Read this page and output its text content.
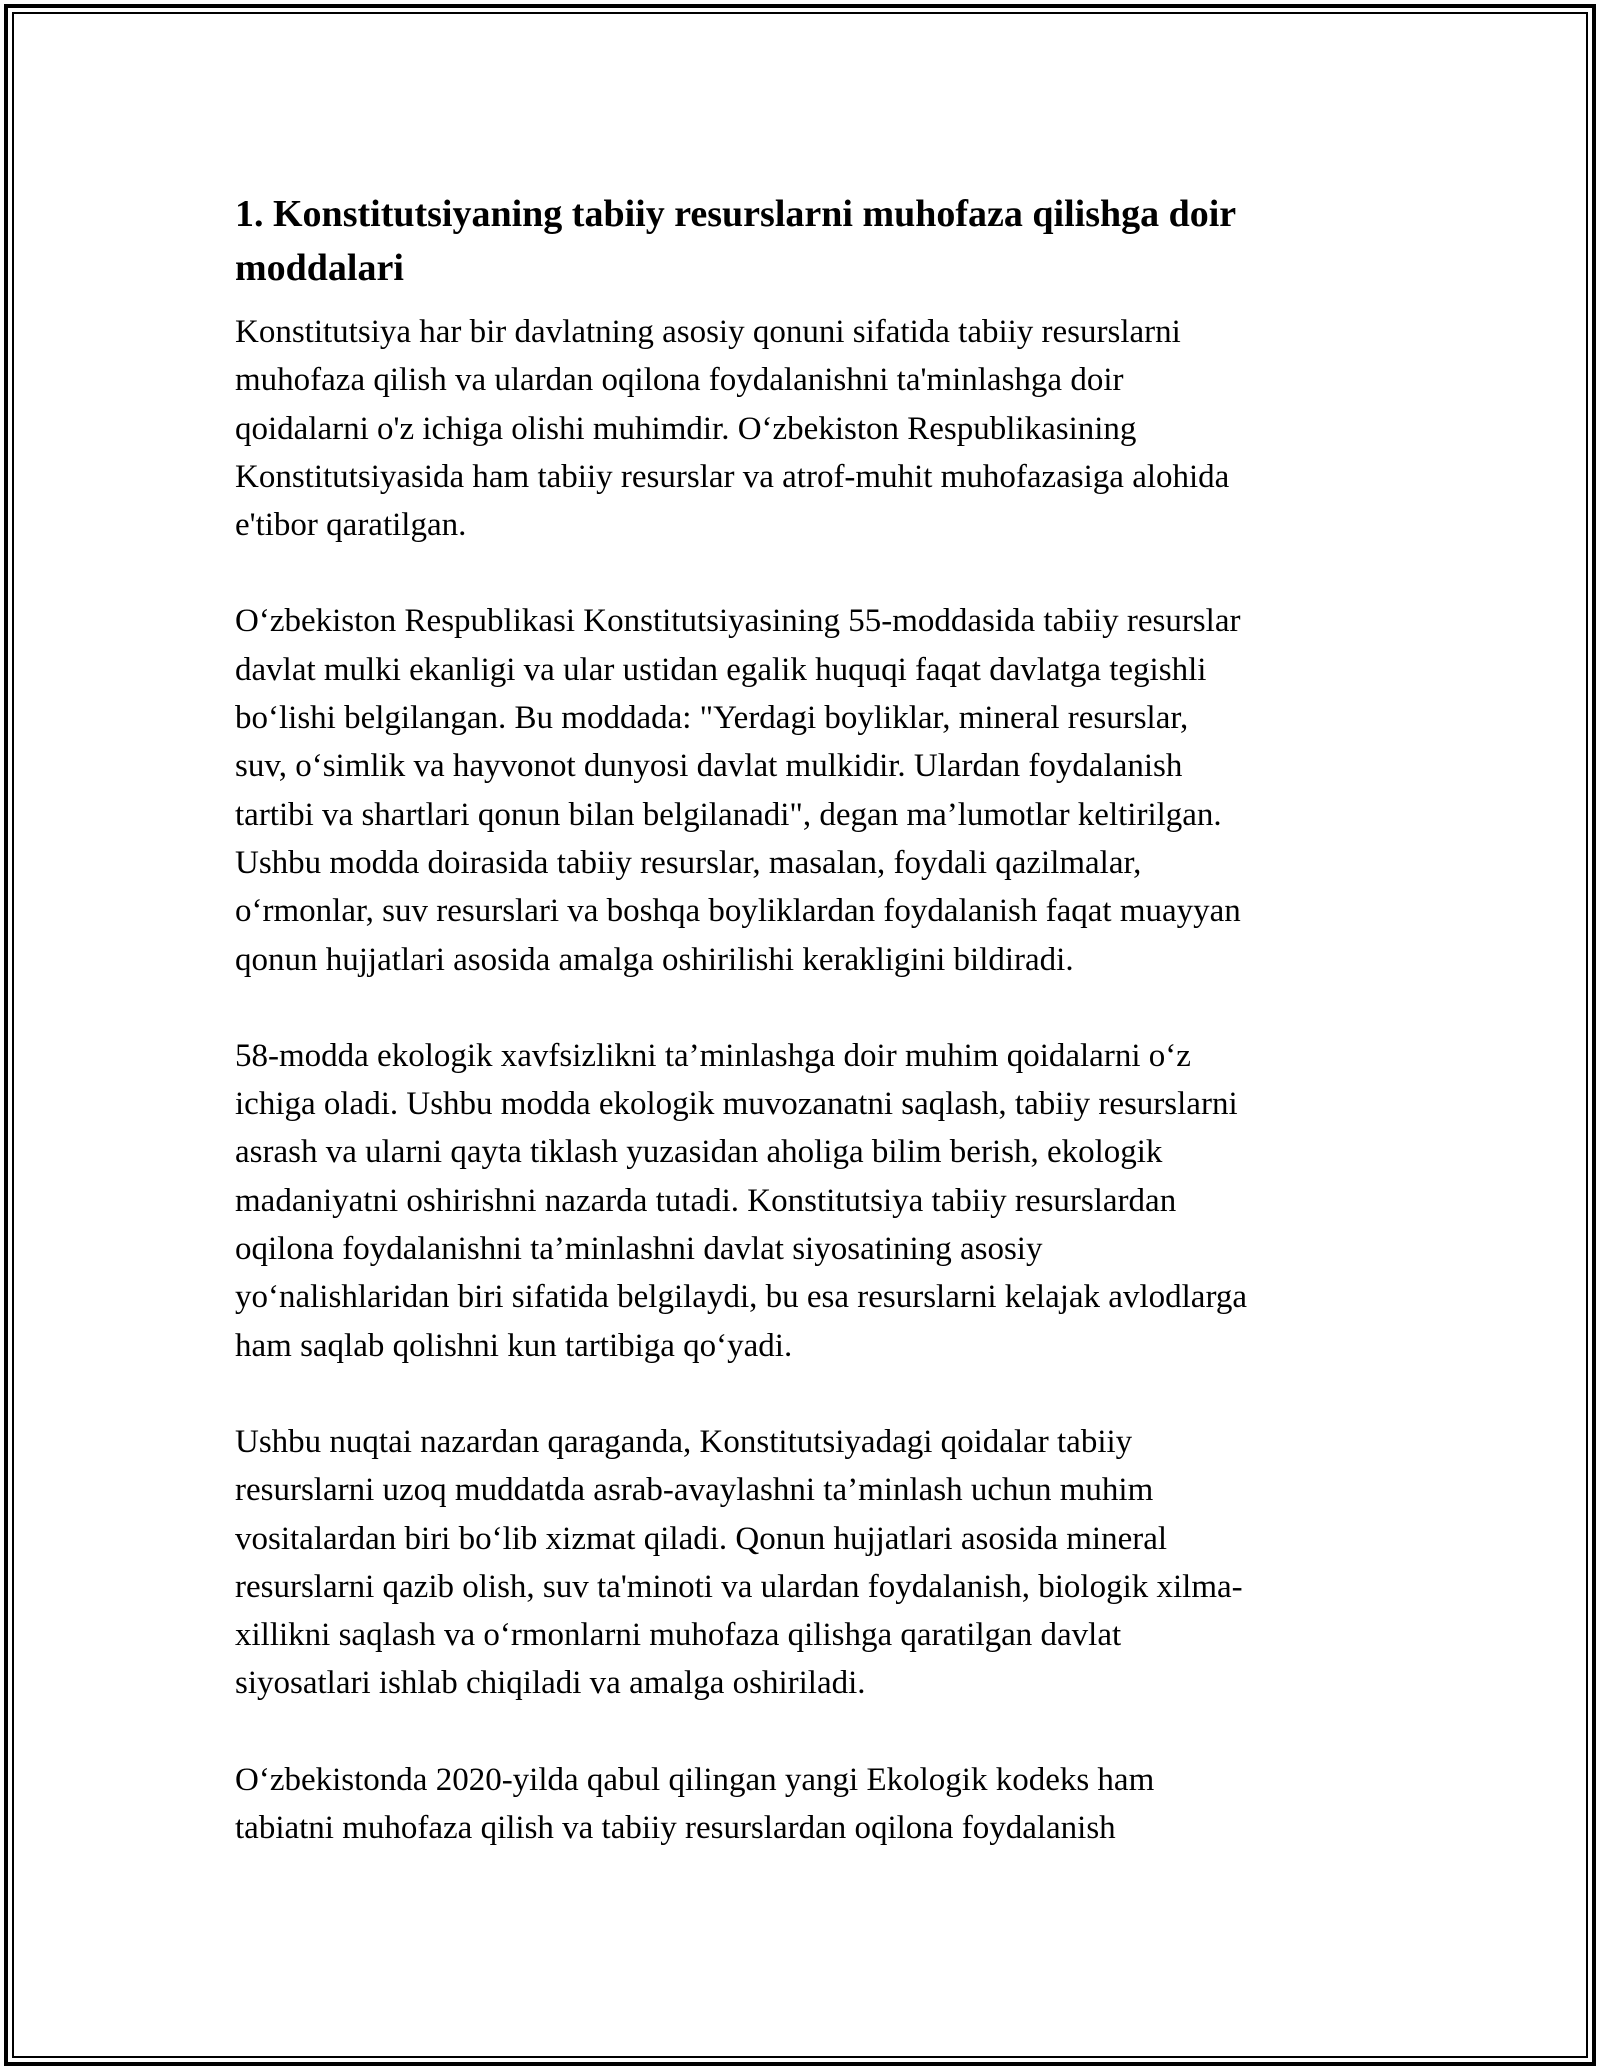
1. Konstitutsiyaning tabiiy resurslarni muhofaza qilishga doir
moddalari

Konstitutsiya har bir davlatning asosiy qonuni sifatida tabiiy resurslarni
muhofaza qilish va ulardan oqilona foydalanishni ta'minlashga doir
qoidalarni o'z ichiga olishi muhimdir. O‘zbekiston Respublikasining
Konstitutsiyasida ham tabiiy resurslar va atrof-muhit muhofazasiga alohida
e'tibor qaratilgan.

O‘zbekiston Respublikasi Konstitutsiyasining 55-moddasida tabiiy resurslar
davlat mulki ekanligi va ular ustidan egalik huquqi faqat davlatga tegishli
bo‘lishi belgilangan. Bu moddada: "Yerdagi boyliklar, mineral resurslar,
suv, o‘simlik va hayvonot dunyosi davlat mulkidir. Ulardan foydalanish
tartibi va shartlari qonun bilan belgilanadi", degan ma’lumotlar keltirilgan.
Ushbu modda doirasida tabiiy resurslar, masalan, foydali qazilmalar,
o‘rmonlar, suv resurslari va boshqa boyliklardan foydalanish faqat muayyan
qonun hujjatlari asosida amalga oshirilishi kerakligini bildiradi.

58-modda ekologik xavfsizlikni ta’minlashga doir muhim qoidalarni o‘z
ichiga oladi. Ushbu modda ekologik muvozanatni saqlash, tabiiy resurslarni
asrash va ularni qayta tiklash yuzasidan aholiga bilim berish, ekologik
madaniyatni oshirishni nazarda tutadi. Konstitutsiya tabiiy resurslardan
oqilona foydalanishni ta’minlashni davlat siyosatining asosiy
yo‘nalishlaridan biri sifatida belgilaydi, bu esa resurslarni kelajak avlodlarga
ham saqlab qolishni kun tartibiga qo‘yadi.

Ushbu nuqtai nazardan qaraganda, Konstitutsiyadagi qoidalar tabiiy
resurslarni uzoq muddatda asrab-avaylashni ta’minlash uchun muhim
vositalardan biri bo‘lib xizmat qiladi. Qonun hujjatlari asosida mineral
resurslarni qazib olish, suv ta'minoti va ulardan foydalanish, biologik xilma-
xillikni saqlash va o‘rmonlarni muhofaza qilishga qaratilgan davlat
siyosatlari ishlab chiqiladi va amalga oshiriladi.

O‘zbekistonda 2020-yilda qabul qilingan yangi Ekologik kodeks ham
tabiatni muhofaza qilish va tabiiy resurslardan oqilona foydalanish
